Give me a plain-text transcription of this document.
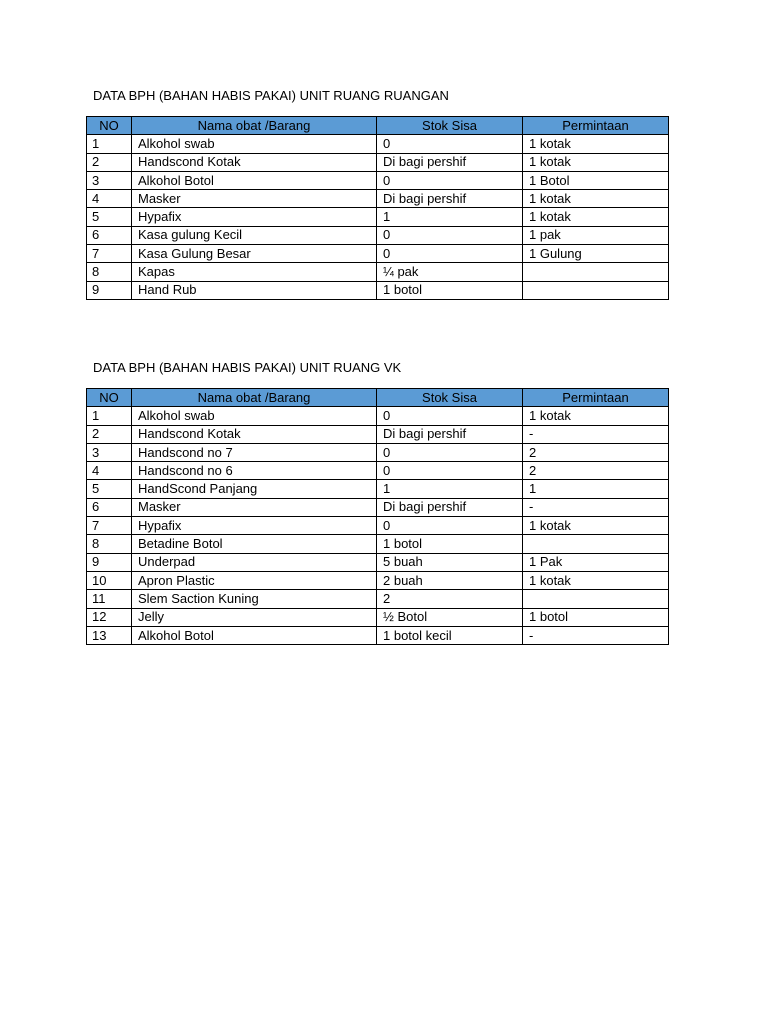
DATA BPH (BAHAN HABIS PAKAI) UNIT RUANG RUANGAN
NO	Nama obat /Barang	Stok Sisa	Permintaan
1	Alkohol swab	0	1 kotak
2	Handscond Kotak	Di bagi pershif	1 kotak
3	Alkohol Botol	0	1 Botol
4	Masker	Di bagi pershif	1 kotak
5	Hypafix	1	1 kotak
6	Kasa gulung Kecil	0	1 pak
7	Kasa Gulung Besar	0	1 Gulung
8	Kapas	¼ pak	
9	Hand Rub	1 botol	
DATA BPH (BAHAN HABIS PAKAI) UNIT RUANG VK
NO	Nama obat /Barang	Stok Sisa	Permintaan
1	Alkohol swab	0	1 kotak
2	Handscond Kotak	Di bagi pershif	-
3	Handscond no 7	0	2
4	Handscond no 6	0	2
5	HandScond Panjang	1	1
6	Masker	Di bagi pershif	-
7	Hypafix	0	1 kotak
8	Betadine Botol	1 botol	
9	Underpad	5 buah	1 Pak
10	Apron Plastic	2 buah	1 kotak
11	Slem Saction Kuning	2	
12	Jelly	½ Botol	1 botol
13	Alkohol Botol	1 botol kecil	-
